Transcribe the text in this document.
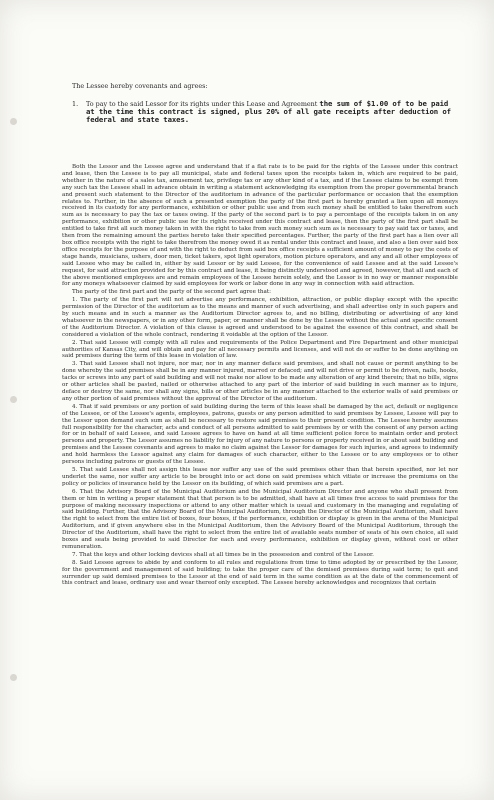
The Lessee hereby covenants and agrees:
1.	To pay to the said Lessor for its rights under this Lease and Agreement the sum of $1.00 of to be paid at the time this contract is signed, plus 20% of all gate receipts after deduction of federal and state taxes.
Both the Lessor and the Lessee agree and understand that if a flat rate is to be paid for the rights of the Lessee under this contract and lease, then the Lessee is to pay all municipal, state and federal taxes upon the receipts taken in, which are required to be paid, whether in the nature of a sales tax, amusement tax, privilege tax or any other kind of a tax, and if the Lessee claims to be exempt from any such tax the Lessee shall in advance obtain in writing a statement acknowledging its exemption from the proper governmental branch and present such statement to the Director of the auditorium in advance of the particular performance or occasion that the exemption relates to. Further, in the absence of such a presented exemption the party of the first part is hereby granted a lien upon all moneys received in its custody for any performance, exhibition or other public use and from such money shall be entitled to take therefrom such sum as is necessary to pay the tax or taxes owing. If the party of the second part is to pay a percentage of the receipts taken in on any performance, exhibition or other public use for its rights received under this contract and lease, then the party of the first part shall be entitled to take first all such money taken in with the right to take from such money such sum as is necessary to pay said tax or taxes, and then from the remaining amount the parties hereto take their specified percentages. Further, the party of the first part has a lien over all box office receipts with the right to take therefrom the money owed it as rental under this contract and lease, and also a lien over said box office receipts for the purpose of and with the right to deduct from said box office receipts a sufficient amount of money to pay the costs of stage hands, musicians, ushers, door men, ticket takers, spot light operators, motion picture operators, and any and all other employees of said Lessee who may be called in, either by said Lessor or by said Lessee, for the convenience of said Lessee and at the said Lessee's request, for said attraction provided for by this contract and lease, it being distinctly understood and agreed, however, that all and each of the above mentioned employees are and remain employees of the Lessee herein solely, and the Lessor is in no way or manner responsible for any moneys whatsoever claimed by said employees for work or labor done in any way in connection with said attraction.
The party of the first part and the party of the second part agree that:
1. The party of the first part will not advertise any performance, exhibition, attraction, or public display except with the specific permission of the Director of the auditorium as to the means and manner of such advertising, and shall advertise only in such papers and by such means and in such a manner as the Auditorium Director agrees to, and no billing, distributing or advertising of any kind whatsoever in the newspapers, or in any other form, paper, or manner shall be done by the Lessee without the actual and specific consent of the Auditorium Director. A violation of this clause is agreed and understood to be against the essence of this contract, and shall be considered a violation of the whole contract, rendering it voidable at the option of the Lessor.
2. That said Lessee will comply with all rules and requirements of the Police Department and Fire Department and other municipal authorities of Kansas City, and will obtain and pay for all necessary permits and licenses, and will not do or suffer to be done anything on said premises during the term of this lease in violation of law.
3. That said Lessee shall not injure, nor mar, nor in any manner deface said premises, and shall not cause or permit anything to be done whereby the said premises shall be in any manner injured, marred or defaced; and will not drive or permit to be driven, nails, hooks, tacks or screws into any part of said building and will not make nor allow to be made any alteration of any kind therein; that no bills, signs or other articles shall be pasted, nailed or otherwise attached to any part of the interior of said building in such manner as to injure, deface or destroy the same, nor shall any signs, bills or other articles be in any manner attached to the exterior walls of said premises or any other portion of said premises without the approval of the Director of the auditorium.
4. That if said premises or any portion of said building during the term of this lease shall be damaged by the act, default or negligence of the Lessee, or of the Lessee's agents, employees, patrons, guests or any person admitted to said premises by Lessee, Lessee will pay to the Lessor upon demand such sum as shall be necessary to restore said premises to their present condition. The Lessee hereby assumes full responsibility for the character, acts and conduct of all persons admitted to said premises by or with the consent of any person acting for or in behalf of said Lessee, and said Lessee agrees to have on hand at all time sufficient police force to maintain order and protect persons and property. The Lessor assumes no liability for injury of any nature to persons or property received in or about said building and premises and the Lessee covenants and agrees to make no claim against the Lessor for damages for such injuries, and agrees to indemnify and hold harmless the Lessor against any claim for damages of such character, either to the Lessee or to any employees or to other persons including patrons or guests of the Lessee.
5. That said Lessee shall not assign this lease nor suffer any use of the said premises other than that herein specified, nor let nor underlet the same, nor suffer any article to be brought into or act done on said premises which vitiate or increase the premiums on the policy or policies of insurance held by the Lessor on its building, of which said premises are a part.
6. That the Advisory Board of the Municipal Auditorium and the Municipal Auditorium Director and anyone who shall present from them or him in writing a proper statement that that person is to be admitted, shall have at all times free access to said premises for the purpose of making necessary inspections or attend to any other matter which is usual and customary in the managing and regulating of said building. Further, that the Advisory Board of the Municipal Auditorium, through the Director of the Municipal Auditorium, shall have the right to select from the entire list of boxes, four boxes, if the performance, exhibition or display is given in the arena of the Municipal Auditorium, and if given anywhere else in the Municipal Auditorium, then the Advisory Board of the Municipal Auditorium, through the Director of the Auditorium, shall have the right to select from the entire list of available seats number of seats of his own choice, all said boxes and seats being provided to said Director for each and every performance, exhibition or display given, without cost or other remuneration.
7. That the keys and other locking devices shall at all times be in the possession and control of the Lessor.
8. Said Lessee agrees to abide by and conform to all rules and regulations from time to time adopted by or prescribed by the Lessor, for the government and management of said building; to take the proper care of the demised premises during said term; to quit and surrender up said demised premises to the Lessor at the end of said term in the same condition as at the date of the commencement of this contract and lease, ordinary use and wear thereof only excepted. The Lessee hereby acknowledges and recognizes that certain
